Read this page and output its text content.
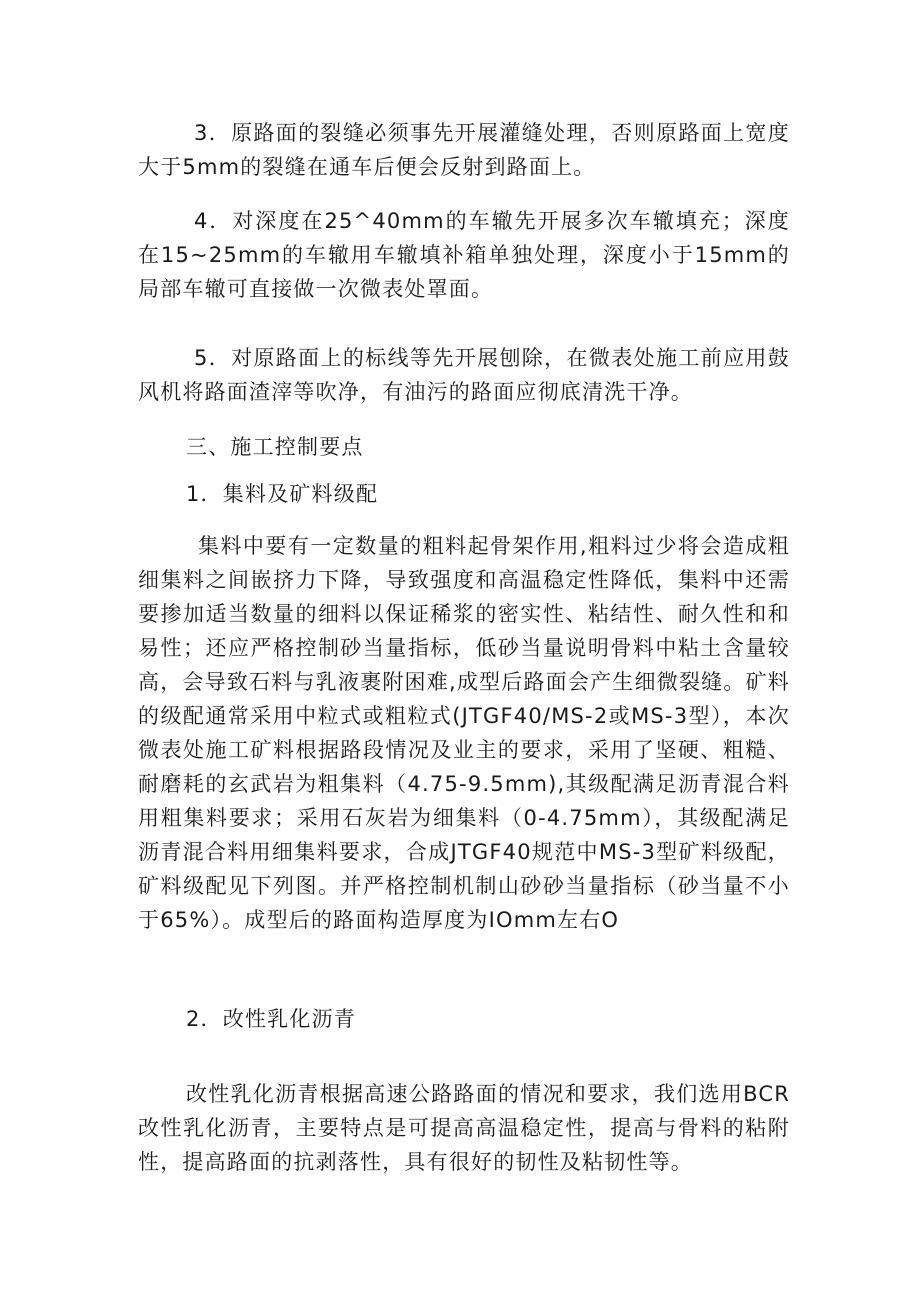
3．原路面的裂缝必须事先开展灌缝处理，否则原路面上宽度大于5mm的裂缝在通车后便会反射到路面上。

4．对深度在25^40mm的车辙先开展多次车辙填充；深度在15~25mm的车辙用车辙填补箱单独处理，深度小于15mm的局部车辙可直接做一次微表处罩面。

5．对原路面上的标线等先开展刨除，在微表处施工前应用鼓风机将路面渣滓等吹净，有油污的路面应彻底清洗干净。

三、施工控制要点

1．集料及矿料级配

集料中要有一定数量的粗料起骨架作用,粗料过少将会造成粗细集料之间嵌挤力下降，导致强度和高温稳定性降低，集料中还需要掺加适当数量的细料以保证稀浆的密实性、粘结性、耐久性和和易性；还应严格控制砂当量指标，低砂当量说明骨料中粘土含量较高，会导致石料与乳液裹附困难,成型后路面会产生细微裂缝。矿料的级配通常采用中粒式或粗粒式(JTGF40/MS-2或MS-3型），本次微表处施工矿料根据路段情况及业主的要求，采用了坚硬、粗糙、耐磨耗的玄武岩为粗集料（4.75-9.5mm),其级配满足沥青混合料用粗集料要求；采用石灰岩为细集料（0-4.75mm），其级配满足沥青混合料用细集料要求，合成JTGF40规范中MS-3型矿料级配，矿料级配见下列图。并严格控制机制山砂砂当量指标（砂当量不小于65%）。成型后的路面构造厚度为IOmm左右O

2．改性乳化沥青

改性乳化沥青根据高速公路路面的情况和要求，我们选用BCR改性乳化沥青，主要特点是可提高高温稳定性，提高与骨料的粘附性，提高路面的抗剥落性，具有很好的韧性及粘韧性等。
